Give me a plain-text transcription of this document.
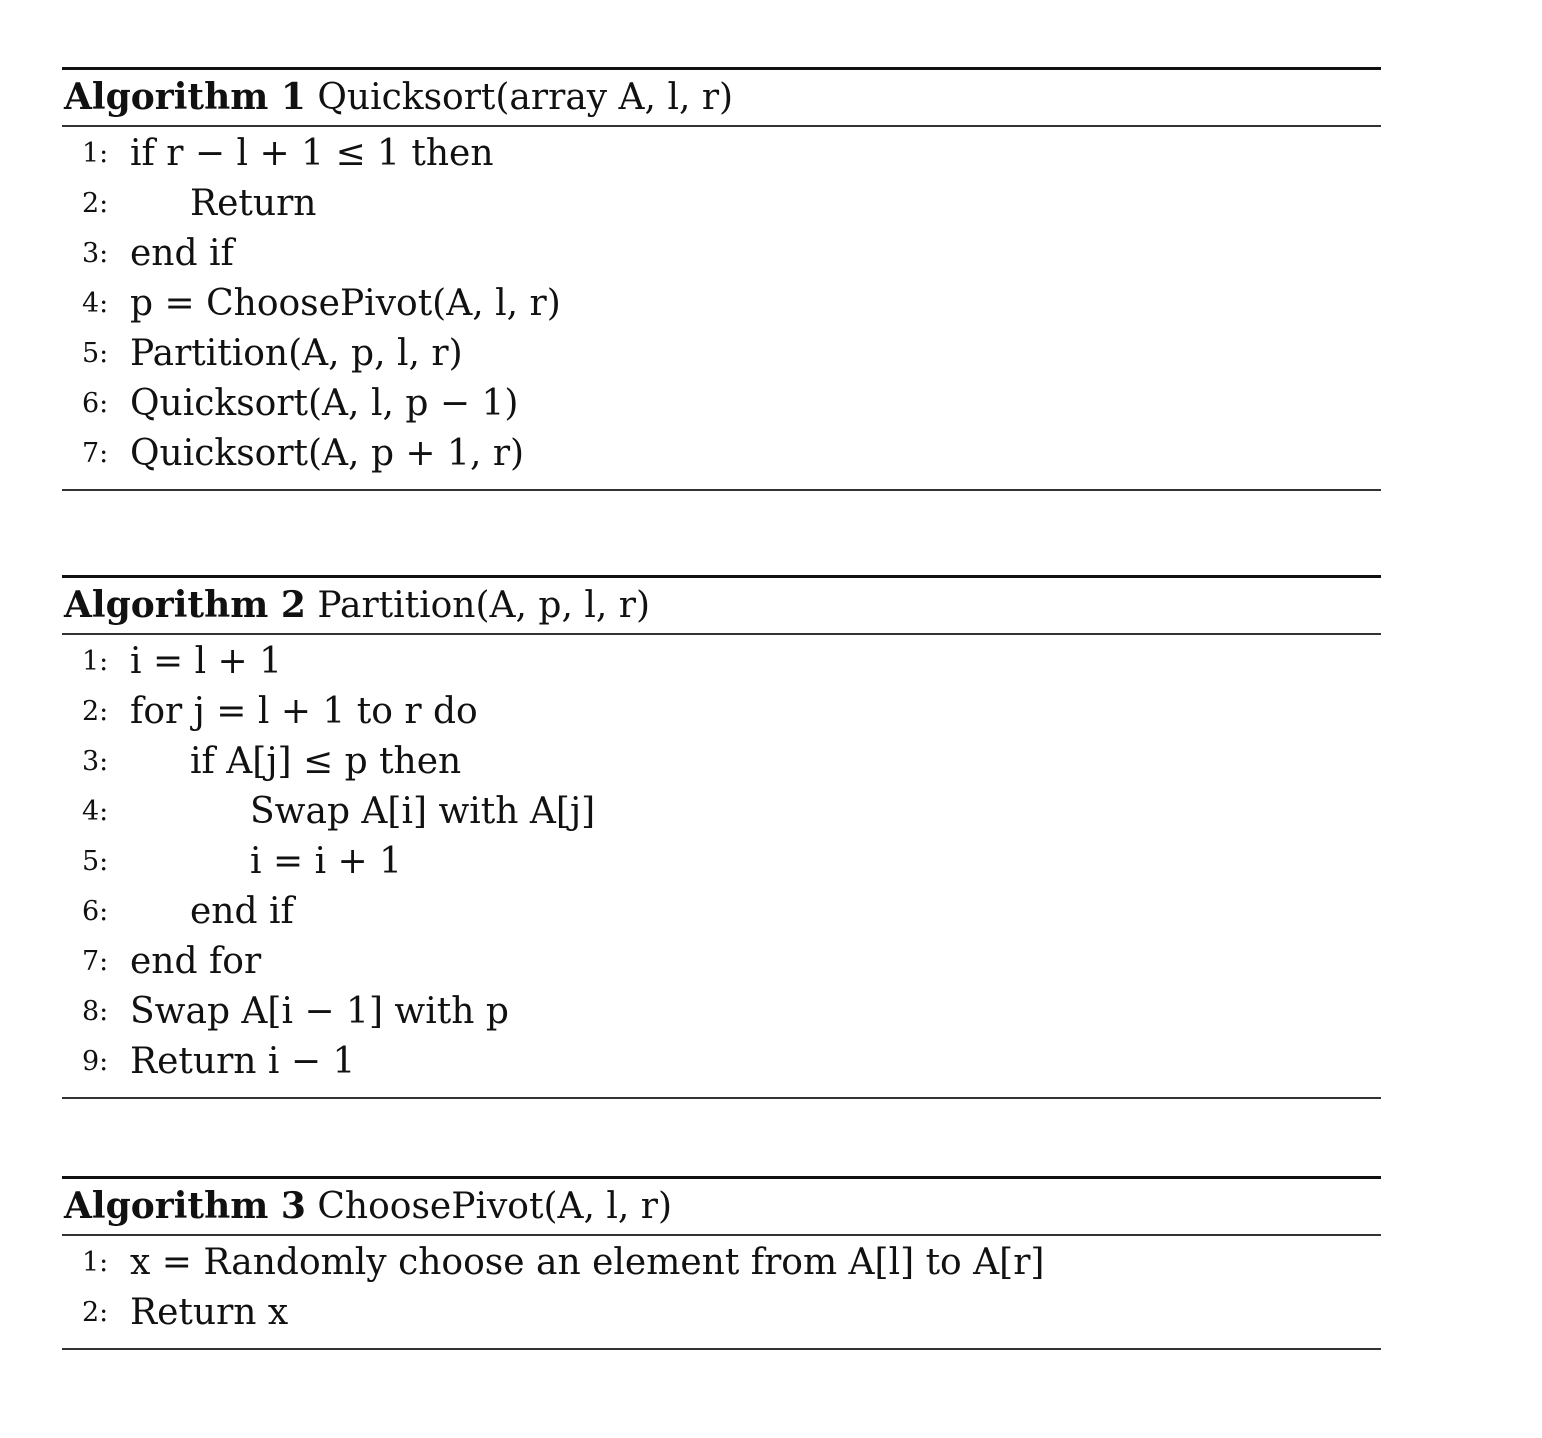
Algorithm 1 Quicksort(array A, l, r)
1: if r − l + 1 ≤ 1 then
2: Return
3: end if
4: p = ChoosePivot(A, l, r)
5: Partition(A, p, l, r)
6: Quicksort(A, l, p − 1)
7: Quicksort(A, p + 1, r)
Algorithm 2 Partition(A, p, l, r)
1: i = l + 1
2: for j = l + 1 to r do
3: if A[j] ≤ p then
4:	Swap A[i] with A[j]
5:	i = i + 1
6: end if
7: end for
8: Swap A[i − 1] with p
9: Return i − 1
Algorithm 3 ChoosePivot(A, l, r)
1: x = Randomly choose an element from A[l] to A[r]
2: Return x
